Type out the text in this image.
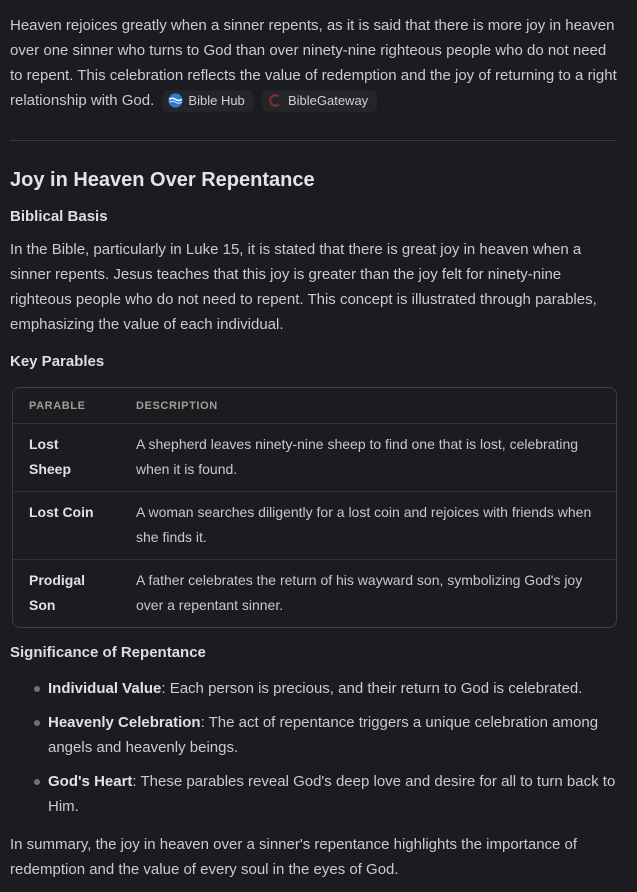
Heaven rejoices greatly when a sinner repents, as it is said that there is more joy in heaven over one sinner who turns to God than over ninety-nine righteous people who do not need to repent. This celebration reflects the value of redemption and the joy of returning to a right relationship with God.	Bible Hub
	BibleGateway

Joy in Heaven Over Repentance
Biblical Basis

In the Bible, particularly in Luke 15, it is stated that there is great joy in heaven when a sinner repents. Jesus teaches that this joy is greater than the joy felt for ninety-nine righteous people who do not need to repent. This concept is illustrated through parables, emphasizing the value of each individual.

Key Parables
PARABLE	DESCRIPTION
Lost Sheep	A shepherd leaves ninety-nine sheep to find one that is lost, celebrating when it is found.
Lost Coin	A woman searches diligently for a lost coin and rejoices with friends when she finds it.
Prodigal Son	A father celebrates the return of his wayward son, symbolizing God's joy over a repentant sinner.
Significance of Repentance
Individual Value: Each person is precious, and their return to God is celebrated.
Heavenly Celebration: The act of repentance triggers a unique celebration among angels and heavenly beings.
God's Heart: These parables reveal God's deep love and desire for all to turn back to Him.

In summary, the joy in heaven over a sinner's repentance highlights the importance of redemption and the value of every soul in the eyes of God.
